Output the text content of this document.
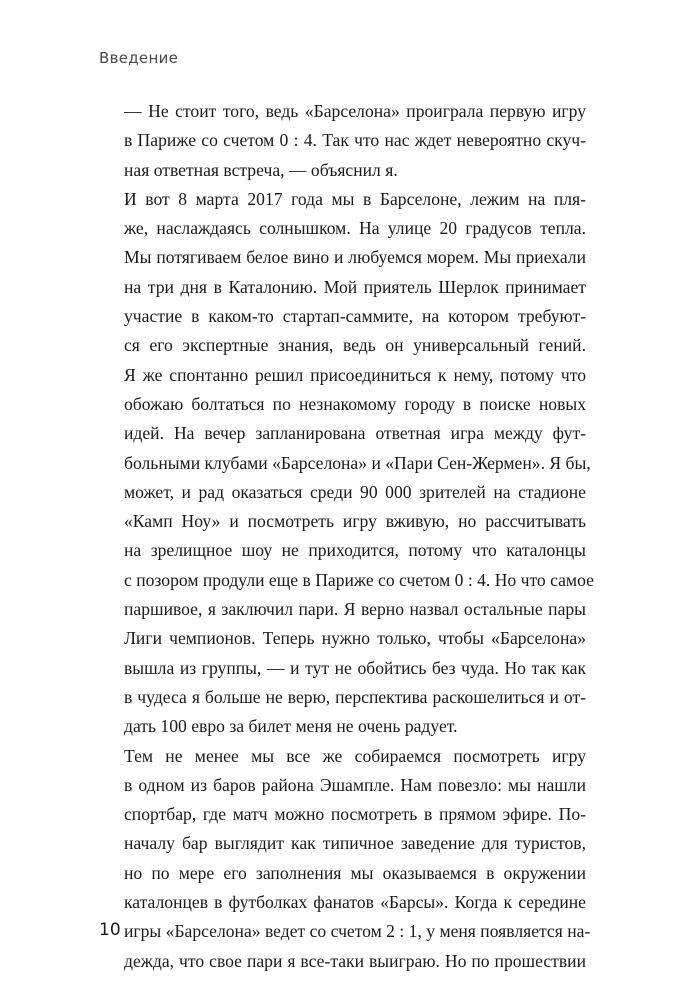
Введение

— Не стоит того, ведь «Барселона» проиграла первую игру
в Париже со счетом 0 : 4. Так что нас ждет невероятно скуч-
ная ответная встреча, — объяснил я.

И вот 8 марта 2017 года мы в Барселоне, лежим на пля-
же, наслаждаясь солнышком. На улице 20 градусов тепла.
Мы потягиваем белое вино и любуемся морем. Мы приехали
на три дня в Каталонию. Мой приятель Шерлок принимает
участие в каком-то стартап-саммите, на котором требуют-
ся его экспертные знания, ведь он универсальный гений.
Я же спонтанно решил присоединиться к нему, потому что
обожаю болтаться по незнакомому городу в поиске новых
идей. На вечер запланирована ответная игра между фут-
больными клубами «Барселона» и «Пари Сен-Жермен». Я бы,
может, и рад оказаться среди 90 000 зрителей на стадионе
«Камп Ноу» и посмотреть игру вживую, но рассчитывать
на зрелищное шоу не приходится, потому что каталонцы
с позором продули еще в Париже со счетом 0 : 4. Но что самое
паршивое, я заключил пари. Я верно назвал остальные пары
Лиги чемпионов. Теперь нужно только, чтобы «Барселона»
вышла из группы, — и тут не обойтись без чуда. Но так как
в чудеса я больше не верю, перспектива раскошелиться и от-
дать 100 евро за билет меня не очень радует.

Тем не менее мы все же собираемся посмотреть игру
в одном из баров района Эшампле. Нам повезло: мы нашли
спортбар, где матч можно посмотреть в прямом эфире. По-
началу бар выглядит как типичное заведение для туристов,
но по мере его заполнения мы оказываемся в окружении
каталонцев в футболках фанатов «Барсы». Когда к середине
игры «Барселона» ведет со счетом 2 : 1, у меня появляется на-
дежда, что свое пари я все-таки выиграю. Но по прошествии

10
